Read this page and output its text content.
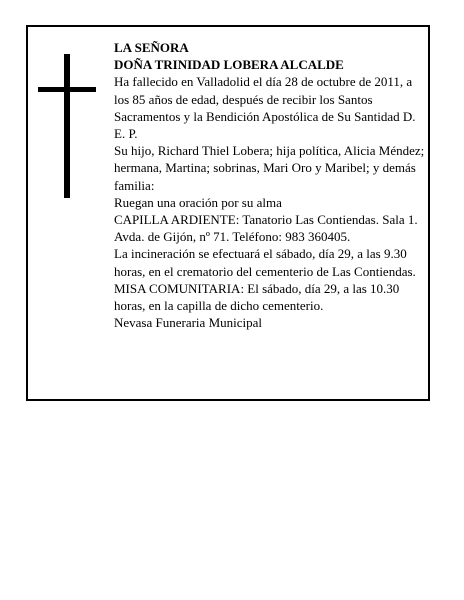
LA SEÑORA

DOÑA TRINIDAD LOBERA ALCALDE

Ha fallecido en Valladolid el día 28 de octubre de 2011, a los 85 años de edad, después de recibir los Santos Sacramentos y la Bendición Apostólica de Su Santidad D. E. P.

Su hijo, Richard Thiel Lobera; hija política, Alicia Méndez; hermana, Martina; sobrinas, Mari Oro y Maribel; y demás familia:

Ruegan una oración por su alma

CAPILLA ARDIENTE: Tanatorio Las Contiendas. Sala 1. Avda. de Gijón, nº 71. Teléfono: 983 360405.

La incineración se efectuará el sábado, día 29, a las 9.30 horas, en el crematorio del cementerio de Las Contiendas.

MISA COMUNITARIA: El sábado, día 29, a las 10.30 horas, en la capilla de dicho cementerio.

Nevasa Funeraria Municipal
